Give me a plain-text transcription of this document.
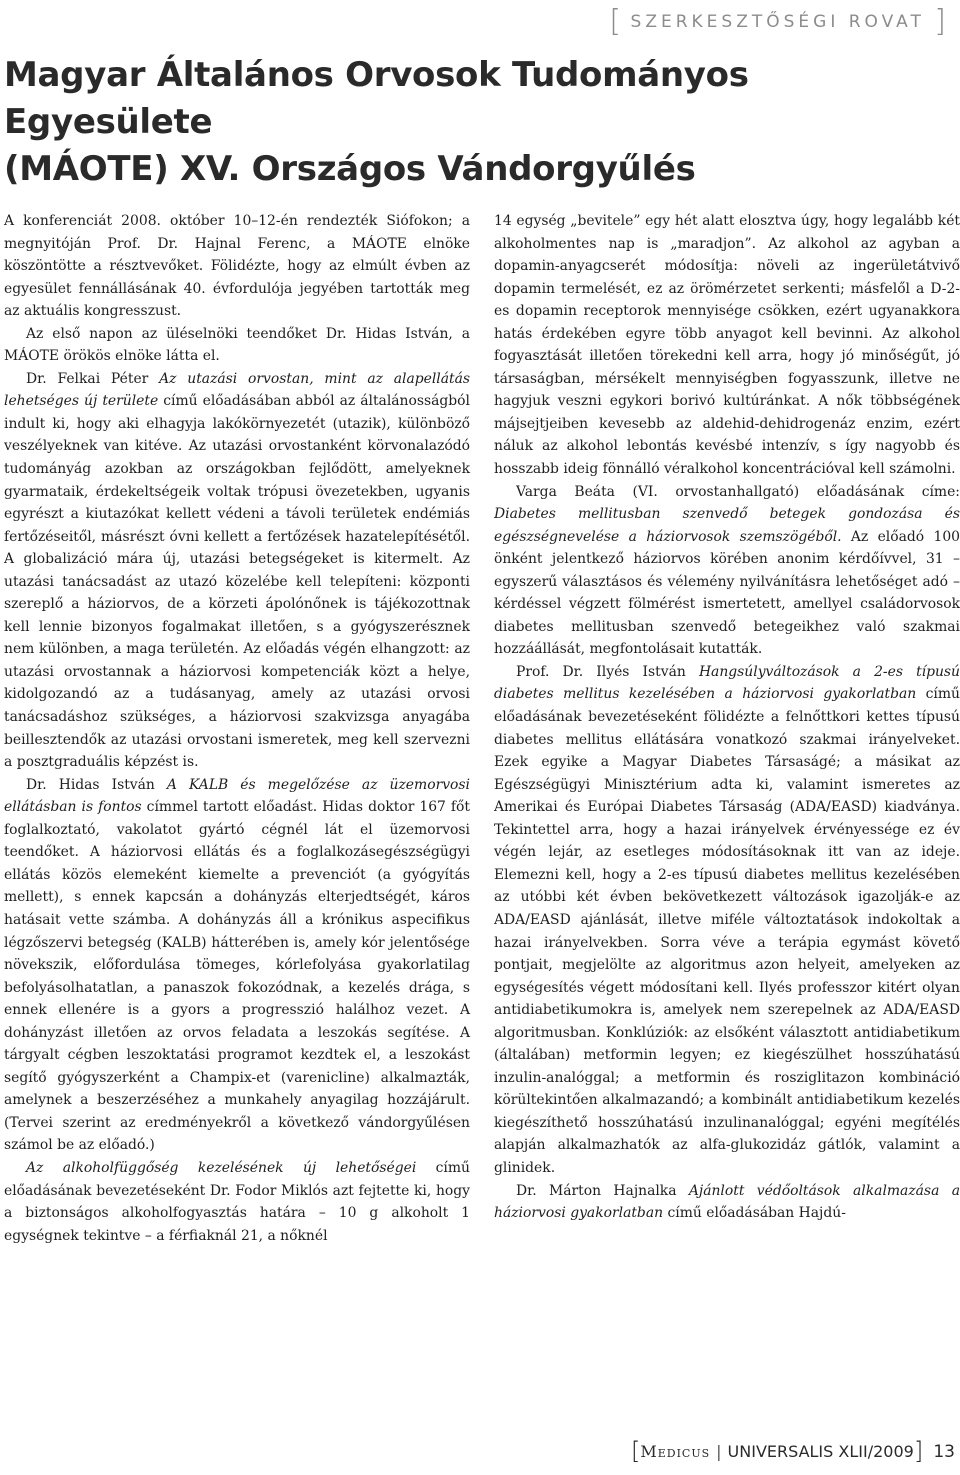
[ SZERKESZTŐSÉGI ROVAT ]
Magyar Általános Orvosok Tudományos Egyesülete
(MÁOTE) XV. Országos Vándorgyűlés

A konferenciát 2008. október 10–12-én rendezték Siófokon; a megnyitóján Prof. Dr. Hajnal Ferenc, a MÁOTE elnöke köszöntötte a résztvevőket. Fölidézte, hogy az elmúlt évben az egyesület fennállásának 40. évfordulója jegyében tartották meg az aktuális kongresszust.

Az első napon az üléselnöki teendőket Dr. Hidas István, a MÁOTE örökös elnöke látta el.

Dr. Felkai Péter Az utazási orvostan, mint az alapellátás lehetséges új területe című előadásában abból az általánosságból indult ki, hogy aki elhagyja lakókörnyezetét (utazik), különböző veszélyeknek van kitéve. Az utazási orvostanként körvonalazódó tudományág azokban az országokban fejlődött, amelyeknek gyarmataik, érdekeltségeik voltak trópusi övezetekben, ugyanis egyrészt a kiutazókat kellett védeni a távoli területek endémiás fertőzéseitől, másrészt óvni kellett a fertőzések hazatelepítésétől. A globalizáció mára új, utazási betegségeket is kitermelt. Az utazási tanácsadást az utazó közelébe kell telepíteni: központi szereplő a háziorvos, de a körzeti ápolónőnek is tájékozottnak kell lennie bizonyos fogalmakat illetően, s a gyógyszerésznek nem különben, a maga területén. Az előadás végén elhangzott: az utazási orvostannak a háziorvosi kompetenciák közt a helye, kidolgozandó az a tudásanyag, amely az utazási orvosi tanácsadáshoz szükséges, a háziorvosi szakvizsga anyagába beillesztendők az utazási orvostani ismeretek, meg kell szervezni a posztgraduális képzést is.

Dr. Hidas István A KALB és megelőzése az üzemorvosi ellátásban is fontos címmel tartott előadást. Hidas doktor 167 főt foglalkoztató, vakolatot gyártó cégnél lát el üzemorvosi teendőket. A háziorvosi ellátás és a foglalkozásegészségügyi ellátás közös elemeként kiemelte a prevenciót (a gyógyítás mellett), s ennek kapcsán a dohányzás elterjedtségét, káros hatásait vette számba. A dohányzás áll a krónikus aspecifikus légzőszervi betegség (KALB) hátterében is, amely kór jelentősége növekszik, előfordulása tömeges, kórlefolyása gyakorlatilag befolyásolhatatlan, a panaszok fokozódnak, a kezelés drága, s ennek ellenére is a gyors a progresszió halálhoz vezet. A dohányzást illetően az orvos feladata a leszokás segítése. A tárgyalt cégben leszoktatási programot kezdtek el, a leszokást segítő gyógyszerként a Champix-et (varenicline) alkalmazták, amelynek a beszerzéséhez a munkahely anyagilag hozzájárult. (Tervei szerint az eredményekről a következő vándorgyűlésen számol be az előadó.)

Az alkoholfüggőség kezelésének új lehetőségei című előadásának bevezetéseként Dr. Fodor Miklós azt fejtette ki, hogy a biztonságos alkoholfogyasztás határa – 10 g alkoholt 1 egységnek tekintve – a férfiaknál 21, a nőknél

14 egység „bevitele” egy hét alatt elosztva úgy, hogy legalább két alkoholmentes nap is „maradjon”. Az alkohol az agyban a dopamin-anyagcserét módosítja: növeli az ingerületátvivő dopamin termelését, ez az örömérzetet serkenti; másfelől a D-2-es dopamin receptorok mennyisége csökken, ezért ugyanakkora hatás érdekében egyre több anyagot kell bevinni. Az alkohol fogyasztását illetően törekedni kell arra, hogy jó minőségűt, jó társaságban, mérsékelt mennyiségben fogyasszunk, illetve ne hagyjuk veszni egykori borivó kultúránkat. A nők többségének májsejtjeiben kevesebb az aldehid-dehidrogenáz enzim, ezért náluk az alkohol lebontás kevésbé intenzív, s így nagyobb és hosszabb ideig fönnálló véralkohol koncentrációval kell számolni.

Varga Beáta (VI. orvostanhallgató) előadásának címe: Diabetes mellitusban szenvedő betegek gondozása és egészségnevelése a háziorvosok szemszögéből. Az előadó 100 önként jelentkező háziorvos körében anonim kérdőívvel, 31 – egyszerű választásos és vélemény nyilvánításra lehetőséget adó – kérdéssel végzett fölmérést ismertetett, amellyel családorvosok diabetes mellitusban szenvedő betegeikhez való szakmai hozzáállását, megfontolásait kutatták.

Prof. Dr. Ilyés István Hangsúlyváltozások a 2-es típusú diabetes mellitus kezelésében a háziorvosi gyakorlatban című előadásának bevezetéseként fölidézte a felnőttkori kettes típusú diabetes mellitus ellátására vonatkozó szakmai irányelveket. Ezek egyike a Magyar Diabetes Társaságé; a másikat az Egészségügyi Minisztérium adta ki, valamint ismeretes az Amerikai és Európai Diabetes Társaság (ADA/EASD) kiadványa. Tekintettel arra, hogy a hazai irányelvek érvényessége ez év végén lejár, az esetleges módosításoknak itt van az ideje. Elemezni kell, hogy a 2-es típusú diabetes mellitus kezelésében az utóbbi két évben bekövetkezett változások igazolják-e az ADA/EASD ajánlását, illetve miféle változtatások indokoltak a hazai irányelvekben. Sorra véve a terápia egymást követő pontjait, megjelölte az algoritmus azon helyeit, amelyeken az egységesítés végett módosítani kell. Ilyés professzor kitért olyan antidiabetikumokra is, amelyek nem szerepelnek az ADA/EASD algoritmusban. Konklúziók: az elsőként választott antidiabetikum (általában) metformin legyen; ez kiegészülhet hosszúhatású inzulin-analóggal; a metformin és rosziglitazon kombináció körültekintően alkalmazandó; a kombinált antidiabetikum kezelés kiegészíthető hosszúhatású inzulinanalóggal; egyéni megítélés alapján alkalmazhatók az alfa-glukozidáz gátlók, valamint a glinidek.

Dr. Márton Hajnalka Ajánlott védőoltások alkalmazása a háziorvosi gyakorlatban című előadásában Hajdú-

[Medicus | UNIVERSALIS XLII/2009] 13
